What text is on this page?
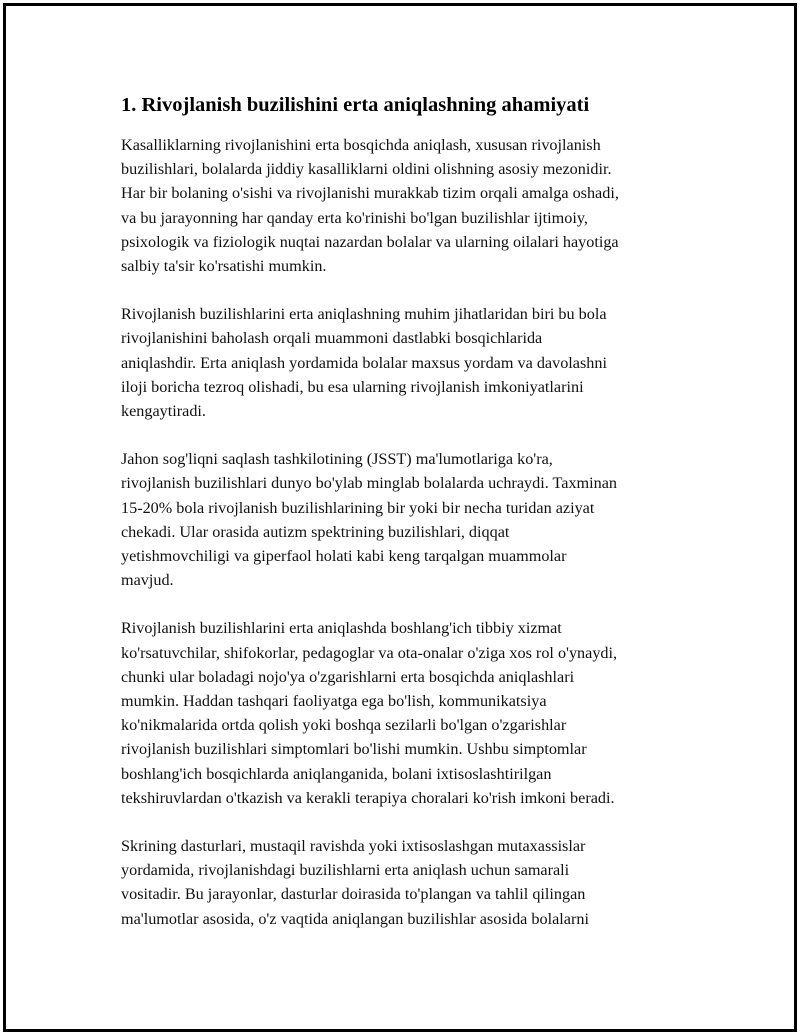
1. Rivojlanish buzilishini erta aniqlashning ahamiyati

Kasalliklarning rivojlanishini erta bosqichda aniqlash, xususan rivojlanish
buzilishlari, bolalarda jiddiy kasalliklarni oldini olishning asosiy mezonidir.
Har bir bolaning o'sishi va rivojlanishi murakkab tizim orqali amalga oshadi,
va bu jarayonning har qanday erta ko'rinishi bo'lgan buzilishlar ijtimoiy,
psixologik va fiziologik nuqtai nazardan bolalar va ularning oilalari hayotiga
salbiy ta'sir ko'rsatishi mumkin.

Rivojlanish buzilishlarini erta aniqlashning muhim jihatlaridan biri bu bola
rivojlanishini baholash orqali muammoni dastlabki bosqichlarida
aniqlashdir. Erta aniqlash yordamida bolalar maxsus yordam va davolashni
iloji boricha tezroq olishadi, bu esa ularning rivojlanish imkoniyatlarini
kengaytiradi.

Jahon sog'liqni saqlash tashkilotining (JSST) ma'lumotlariga ko'ra,
rivojlanish buzilishlari dunyo bo'ylab minglab bolalarda uchraydi. Taxminan
15-20% bola rivojlanish buzilishlarining bir yoki bir necha turidan aziyat
chekadi. Ular orasida autizm spektrining buzilishlari, diqqat
yetishmovchiligi va giperfaol holati kabi keng tarqalgan muammolar
mavjud.

Rivojlanish buzilishlarini erta aniqlashda boshlang'ich tibbiy xizmat
ko'rsatuvchilar, shifokorlar, pedagoglar va ota-onalar o'ziga xos rol o'ynaydi,
chunki ular boladagi nojo'ya o'zgarishlarni erta bosqichda aniqlashlari
mumkin. Haddan tashqari faoliyatga ega bo'lish, kommunikatsiya
ko'nikmalarida ortda qolish yoki boshqa sezilarli bo'lgan o'zgarishlar
rivojlanish buzilishlari simptomlari bo'lishi mumkin. Ushbu simptomlar
boshlang'ich bosqichlarda aniqlanganida, bolani ixtisoslashtirilgan
tekshiruvlardan o'tkazish va kerakli terapiya choralari ko'rish imkoni beradi.

Skrining dasturlari, mustaqil ravishda yoki ixtisoslashgan mutaxassislar
yordamida, rivojlanishdagi buzilishlarni erta aniqlash uchun samarali
vositadir. Bu jarayonlar, dasturlar doirasida to'plangan va tahlil qilingan
ma'lumotlar asosida, o'z vaqtida aniqlangan buzilishlar asosida bolalarni
